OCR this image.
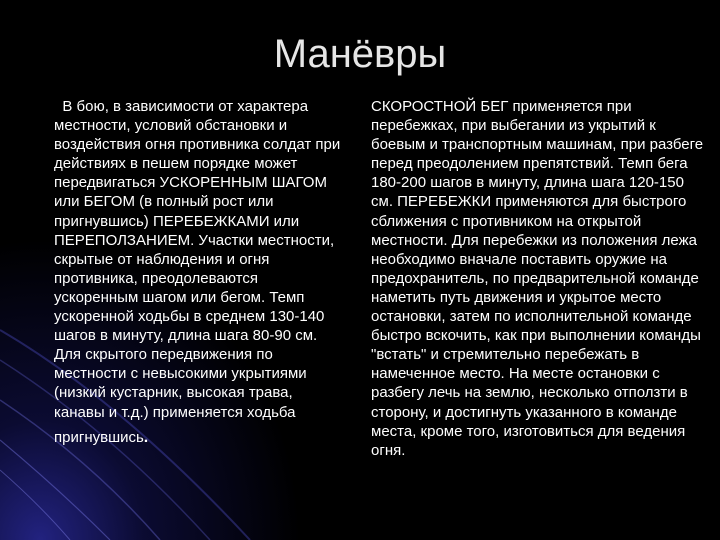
Манёвры

В бою, в зависимости от характера местности, условий обстановки и воздействия огня противника солдат при действиях в пешем порядке может передвигаться УСКОРЕННЫМ ШАГОМ или БЕГОМ (в полный рост или пригнувшись) ПЕРЕБЕЖКАМИ или ПЕРЕПОЛЗАНИЕМ. Участки местности, скрытые от наблюдения и огня противника, преодолеваются ускоренным шагом или бегом. Темп ускоренной ходьбы в среднем 130-140 шагов в минуту, длина шага 80-90 см. Для скрытого передвижения по местности с невысокими укрытиями (низкий кустарник, высокая трава, канавы и т.д.) применяется ходьба

пригнувшись.

СКОРОСТНОЙ БЕГ применяется при перебежках, при выбегании из укрытий к боевым и транспортным машинам, при разбеге перед преодолением препятствий. Темп бега 180-200 шагов в минуту, длина шага 120-150 см. ПЕРЕБЕЖКИ применяются для быстрого сближения с противником на открытой местности. Для перебежки из положения лежа необходимо вначале поставить оружие на предохранитель, по предварительной команде наметить путь движения и укрытое место остановки, затем по исполнительной команде быстро вскочить, как при выполнении команды "встать" и стремительно перебежать в намеченное место. На месте остановки с разбегу лечь на землю, несколько отползти в сторону, и достигнуть указанного в команде места, кроме того, изготовиться для ведения огня.
